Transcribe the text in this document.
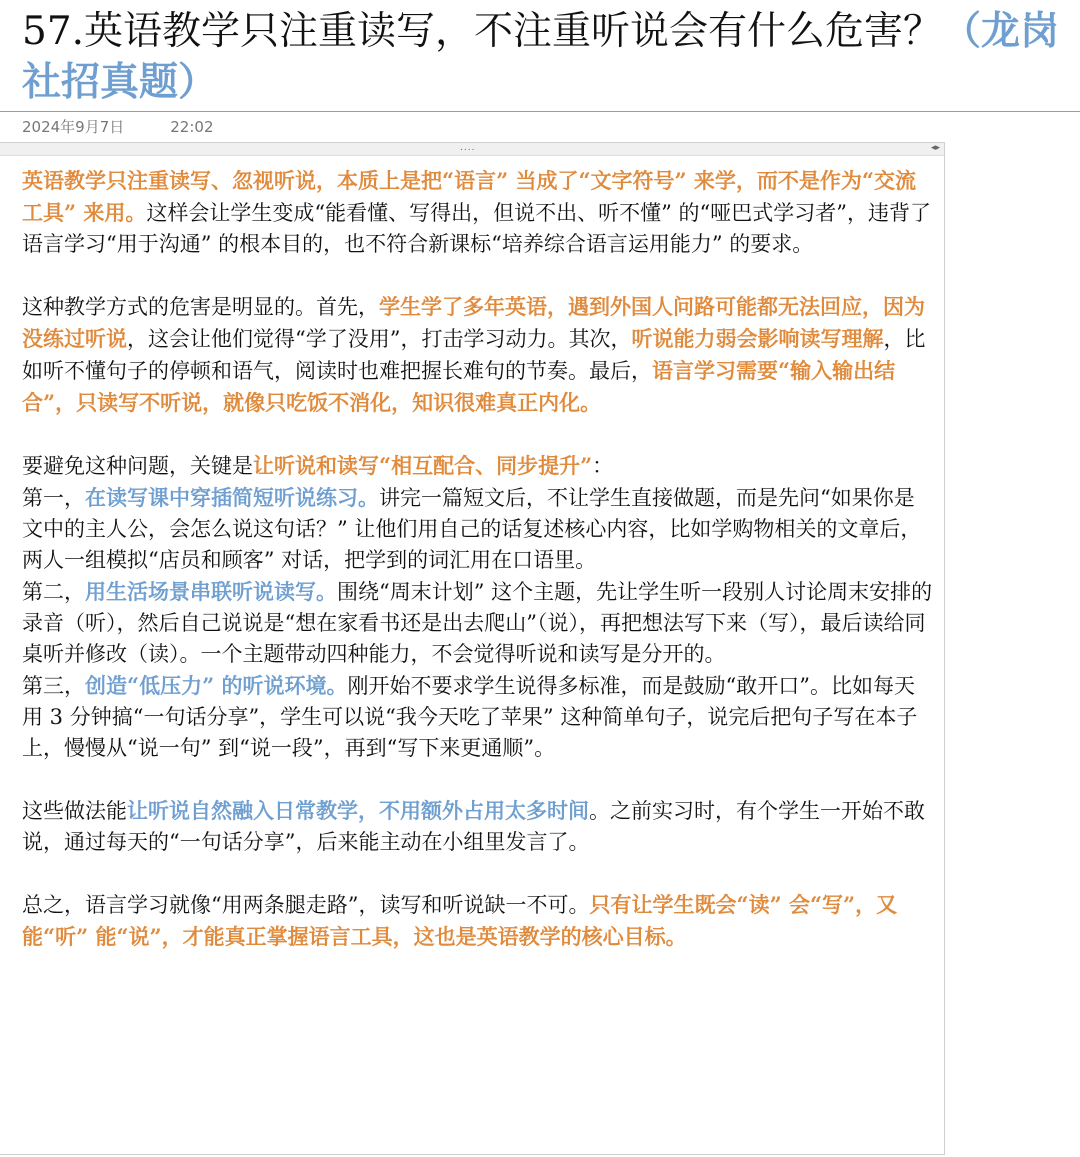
57.英语教学只注重读写，不注重听说会有什么危害？（龙岗社招真题）
2024年9月7日	22:02
....	◂▸

英语教学只注重读写、忽视听说，本质上是把“语言” 当成了“文字符号” 来学，而不是作为“交流工具” 来用。这样会让学生变成“能看懂、写得出，但说不出、听不懂” 的“哑巴式学习者”，违背了语言学习“用于沟通” 的根本目的，也不符合新课标“培养综合语言运用能力” 的要求。

这种教学方式的危害是明显的。首先，学生学了多年英语，遇到外国人问路可能都无法回应，因为没练过听说，这会让他们觉得“学了没用”，打击学习动力。其次，听说能力弱会影响读写理解，比如听不懂句子的停顿和语气，阅读时也难把握长难句的节奏。最后，语言学习需要“输入输出结合”，只读写不听说，就像只吃饭不消化，知识很难真正内化。

要避免这种问题，关键是让听说和读写“相互配合、同步提升”：

第一，在读写课中穿插简短听说练习。讲完一篇短文后，不让学生直接做题，而是先问“如果你是文中的主人公，会怎么说这句话？” 让他们用自己的话复述核心内容，比如学购物相关的文章后，两人一组模拟“店员和顾客” 对话，把学到的词汇用在口语里。

第二，用生活场景串联听说读写。围绕“周末计划” 这个主题，先让学生听一段别人讨论周末安排的录音（听），然后自己说说是“想在家看书还是出去爬山”（说），再把想法写下来（写），最后读给同桌听并修改（读）。一个主题带动四种能力，不会觉得听说和读写是分开的。

第三，创造“低压力” 的听说环境。刚开始不要求学生说得多标准，而是鼓励“敢开口”。比如每天用 3 分钟搞“一句话分享”，学生可以说“我今天吃了苹果” 这种简单句子，说完后把句子写在本子上，慢慢从“说一句” 到“说一段”，再到“写下来更通顺”。

这些做法能让听说自然融入日常教学，不用额外占用太多时间。之前实习时，有个学生一开始不敢说，通过每天的“一句话分享”，后来能主动在小组里发言了。

总之，语言学习就像“用两条腿走路”，读写和听说缺一不可。只有让学生既会“读” 会“写”，又能“听” 能“说”，才能真正掌握语言工具，这也是英语教学的核心目标。
